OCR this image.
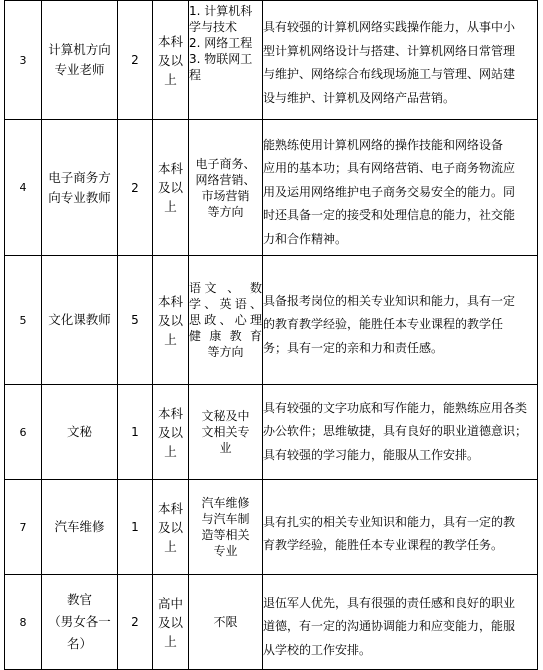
3	计算机方向
专业老师	2	本科
及以
上	1. 计算机科
学与技术
2. 网络工程
3. 物联网工
程	具有较强的计算机网络实践操作能力，从事中小
型计算机网络设计与搭建、计算机网络日常管理
与维护、网络综合布线现场施工与管理、网站建
设与维护、计算机及网络产品营销。

4	电子商务方
向专业教师	2	本科
及以
上	电子商务、
网络营销、
市场营销
等方向	能熟练使用计算机网络的操作技能和网络设备
应用的基本功；具有网络营销、电子商务物流应
用及运用网络维护电子商务交易安全的能力。同
时还具备一定的接受和处理信息的能力，社交能
力和合作精神。

5	文化课教师	5	本科
及以
上	语文 、 数
学、英语、
思政、心理
健 康 教 育
等方向	具备报考岗位的相关专业知识和能力，具有一定
的教育教学经验，能胜任本专业课程的教学任
务；具有一定的亲和力和责任感。

6	文秘	1	本科
及以
上	文秘及中
文相关专
业	具有较强的文字功底和写作能力，能熟练应用各类
办公软件；思维敏捷，具有良好的职业道德意识；
具有较强的学习能力，能服从工作安排。

7	汽车维修	1	本科
及以
上	汽车维修
与汽车制
造等相关
专业	具有扎实的相关专业知识和能力，具有一定的教
育教学经验，能胜任本专业课程的教学任务。

8	教官
（男女各一
名）	2	高中
及以
上	不限	退伍军人优先，具有很强的责任感和良好的职业
道德，有一定的沟通协调能力和应变能力，能服
从学校的工作安排。
